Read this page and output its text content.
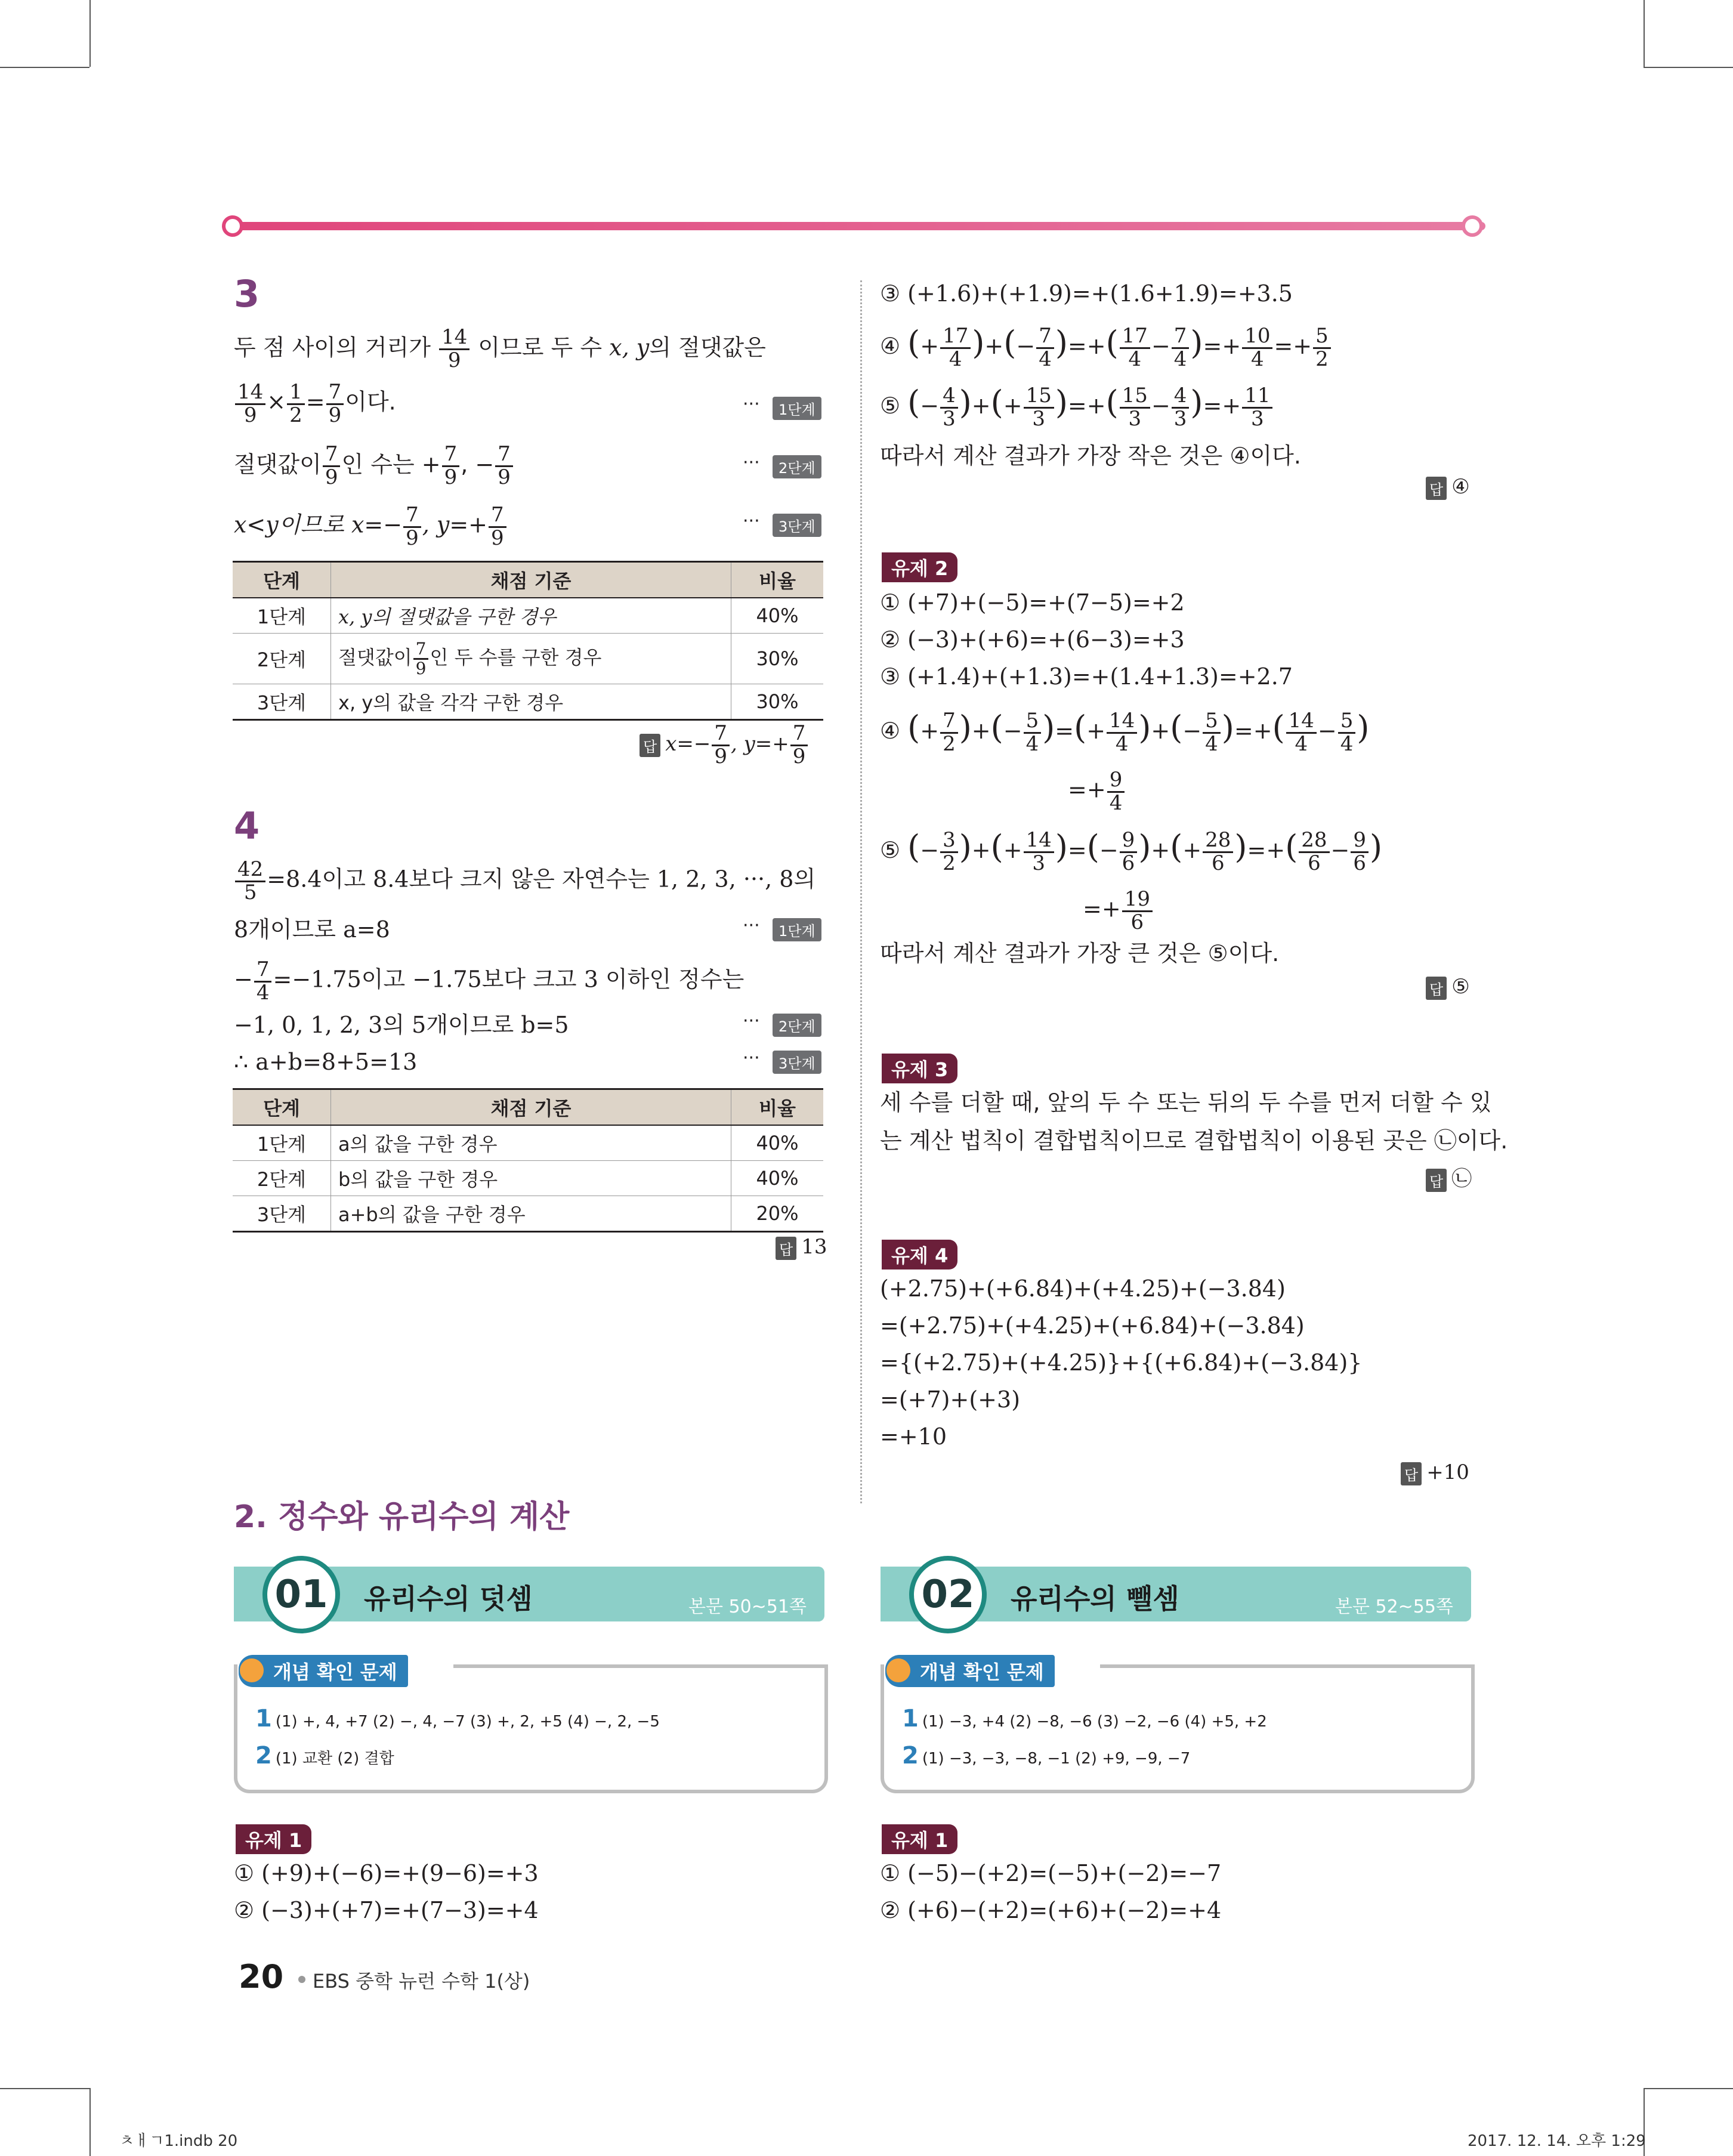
3
두 점 사이의 거리가 $\frac{14}{9}$ 이므로 두 수 x, y의 절댓값은
$\frac{14}{9} \times \frac{1}{2} = \frac{7}{9}$ 이다.	···	1단계
절댓값이 $\frac{7}{9}$ 인 수는 + $\frac{7}{9}$ , − $\frac{7}{9}$	···	2단계
x<y이므로 $x=- \frac{7}{9}$ , $y=+ \frac{7}{9}$	···	3단계
단계	채점 기준	비율
1단계	x, y의 절댓값을 구한 경우	40%
2단계	절댓값이 $\frac{7}{9}$ 인 두 수를 구한 경우	30%
3단계	x, y의 값을 각각 구한 경우	30%
답 $x=- \frac{7}{9}$ , $y=+ \frac{7}{9}$
4
$\frac{42}{5} =8.4$이고 8.4보다 크지 않은 자연수는 1, 2, 3, ···, 8의
8개이므로 a=8	···	1단계
− $\frac{7}{4} =-1.75$이고 −1.75보다 크고 3 이하인 정수는
−1, 0, 1, 2, 3의 5개이므로 b=5	···	2단계
∴ a+b=8+5=13	···	3단계
단계	채점 기준	비율
1단계	a의 값을 구한 경우	40%
2단계	b의 값을 구한 경우	40%
3단계	a+b의 값을 구한 경우	20%
답 13
③ (+1.6)+(+1.9)=+(1.6+1.9)=+3.5
④ (+ $\frac{17}{4}$ )+(− $\frac{7}{4}$ )=+( $\frac{17}{4} - \frac{7}{4}$ )=+ $\frac{10}{4} =+ \frac{5}{2}$
⑤ (− $\frac{4}{3}$ )+(+ $\frac{15}{3}$ )=+( $\frac{15}{3} - \frac{4}{3}$ )=+ $\frac{11}{3}$
따라서 계산 결과가 가장 작은 것은 ④이다.
답 ④
유제 2
① (+7)+(−5)=+(7−5)=+2
② (−3)+(+6)=+(6−3)=+3
③ (+1.4)+(+1.3)=+(1.4+1.3)=+2.7
④ (+ $\frac{7}{2}$ )+(− $\frac{5}{4}$ )=(+ $\frac{14}{4}$ )+(− $\frac{5}{4}$ )=+( $\frac{14}{4} - \frac{5}{4}$ )
=+ $\frac{9}{4}$
⑤ (− $\frac{3}{2}$ )+(+ $\frac{14}{3}$ )=(− $\frac{9}{6}$ )+(+ $\frac{28}{6}$ )=+( $\frac{28}{6} - \frac{9}{6}$ )
=+ $\frac{19}{6}$
따라서 계산 결과가 가장 큰 것은 ⑤이다.
답 ⑤
유제 3
세 수를 더할 때, 앞의 두 수 또는 뒤의 두 수를 먼저 더할 수 있
는 계산 법칙이 결합법칙이므로 결합법칙이 이용된 곳은 ㉡이다.
답 ㉡
유제 4
(+2.75)+(+6.84)+(+4.25)+(−3.84)
=(+2.75)+(+4.25)+(+6.84)+(−3.84)
={(+2.75)+(+4.25)}+{(+6.84)+(−3.84)}
=(+7)+(+3)
=+10
답 +10
2. 정수와 유리수의 계산
01	유리수의 덧셈	본문 50~51쪽
개념 확인 문제
1 (1) +, 4, +7 (2) −, 4, −7 (3) +, 2, +5 (4) −, 2, −5
2 (1) 교환 (2) 결합
유제 1
① (+9)+(−6)=+(9−6)=+3
② (−3)+(+7)=+(7−3)=+4
02	유리수의 뺄셈	본문 52~55쪽
개념 확인 문제
1 (1) −3, +4 (2) −8, −6 (3) −2, −6 (4) +5, +2
2 (1) −3, −3, −8, −1 (2) +9, −9, −7
유제 1
① (−5)−(+2)=(−5)+(−2)=−7
② (+6)−(+2)=(+6)+(−2)=+4
20 EBS 중학 뉴런 수학 1(상)
ㅊㅐㄱ1.indb 20	2017. 12. 14. 오후 1:29
